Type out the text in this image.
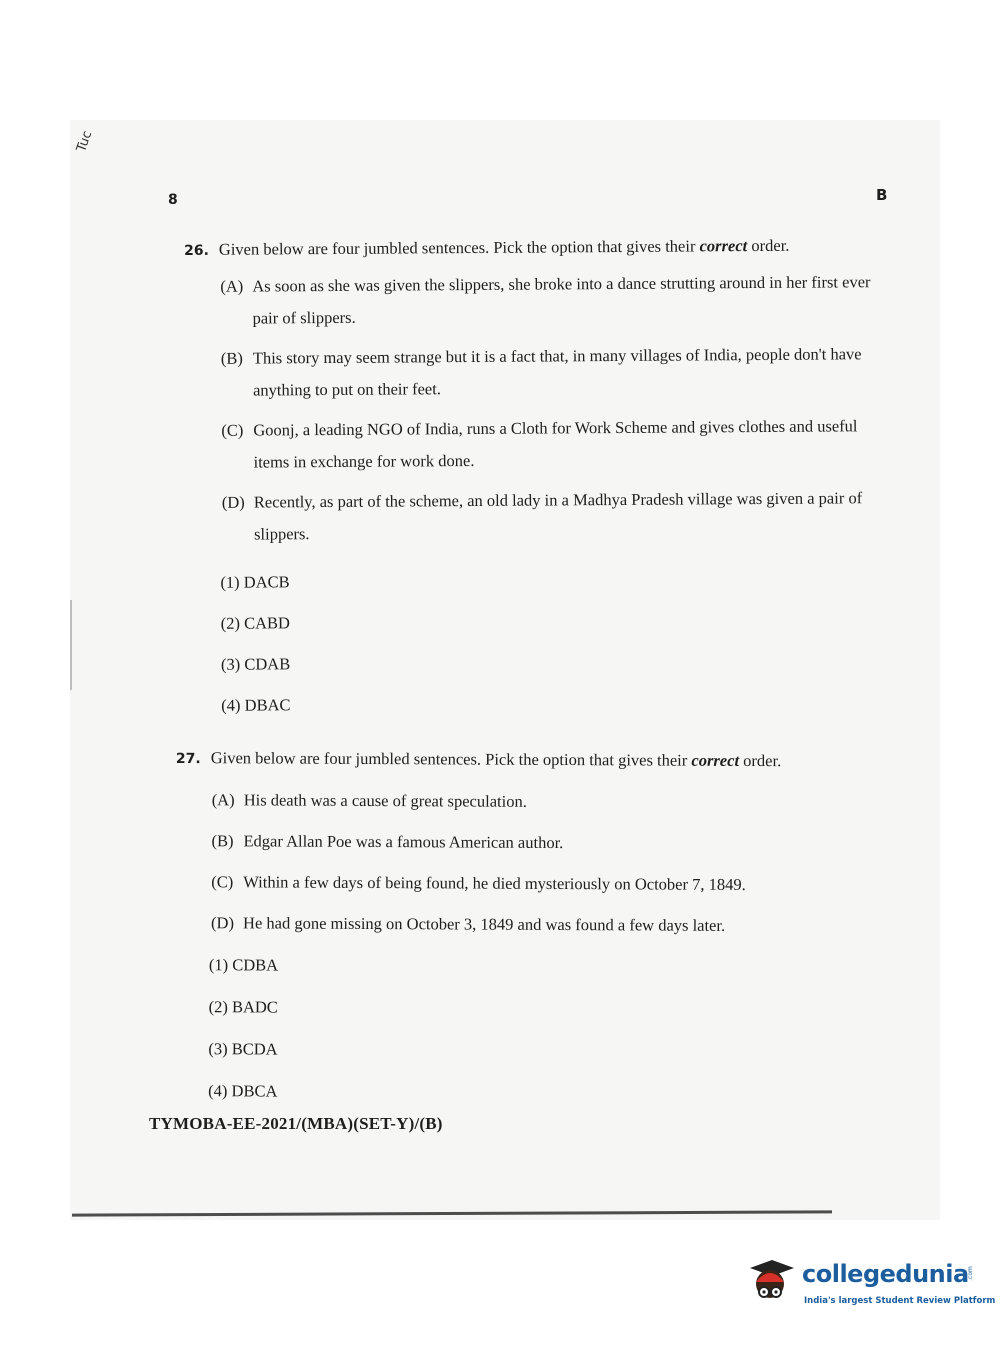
Tuc
8	B
26. Given below are four jumbled sentences. Pick the option that gives their correct order.
(A) As soon as she was given the slippers, she broke into a dance strutting around in her first ever pair of slippers.
(B) This story may seem strange but it is a fact that, in many villages of India, people don't have anything to put on their feet.
(C) Goonj, a leading NGO of India, runs a Cloth for Work Scheme and gives clothes and useful items in exchange for work done.
(D) Recently, as part of the scheme, an old lady in a Madhya Pradesh village was given a pair of slippers.
(1) DACB
(2) CABD
(3) CDAB
(4) DBAC
27. Given below are four jumbled sentences. Pick the option that gives their correct order.
(A) His death was a cause of great speculation.
(B) Edgar Allan Poe was a famous American author.
(C) Within a few days of being found, he died mysteriously on October 7, 1849.
(D) He had gone missing on October 3, 1849 and was found a few days later.
(1) CDBA
(2) BADC
(3) BCDA
(4) DBCA
TYMOBA-EE-2021/(MBA)(SET-Y)/(B)
collegedunia
.com
India's largest Student Review Platform
